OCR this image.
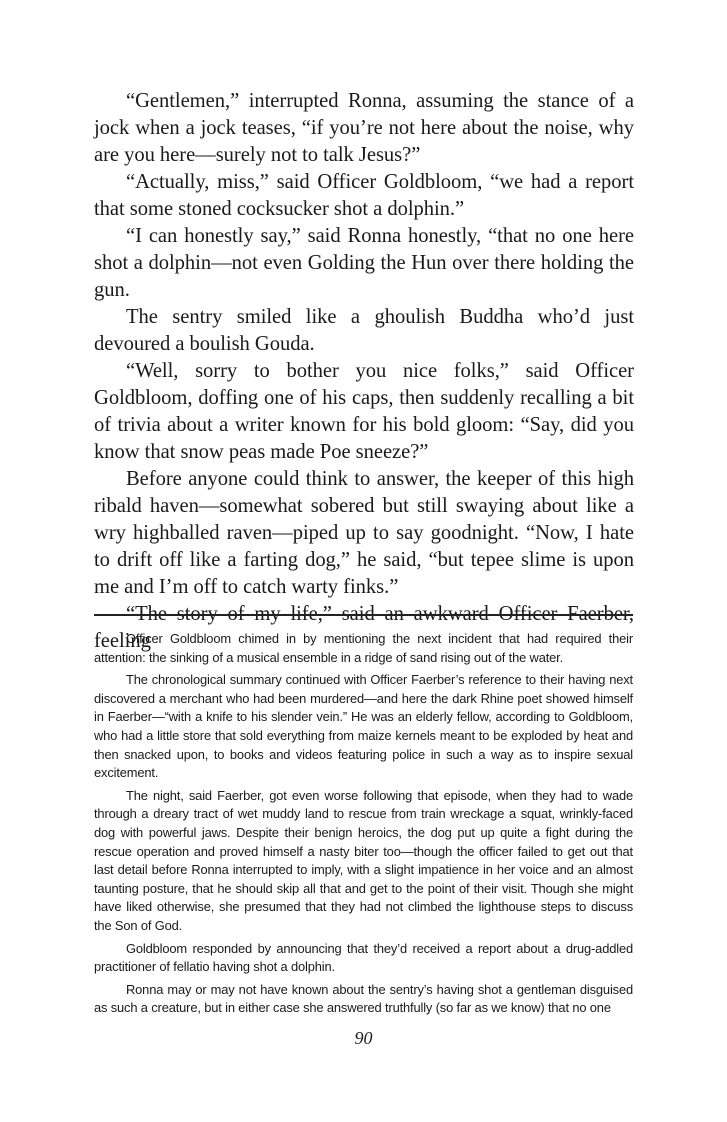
“Gentlemen,” interrupted Ronna, assuming the stance of a jock when a jock teases, “if you’re not here about the noise, why are you here—surely not to talk Jesus?”

“Actually, miss,” said Officer Goldbloom, “we had a report that some stoned cocksucker shot a dolphin.”

“I can honestly say,” said Ronna honestly, “that no one here shot a dolphin—not even Golding the Hun over there holding the gun.

The sentry smiled like a ghoulish Buddha who’d just devoured a boulish Gouda.

“Well, sorry to bother you nice folks,” said Officer Goldbloom, doffing one of his caps, then suddenly recalling a bit of trivia about a writer known for his bold gloom: “Say, did you know that snow peas made Poe sneeze?”

Before anyone could think to answer, the keeper of this high ribald haven—somewhat sobered but still swaying about like a wry highballed raven—piped up to say goodnight. “Now, I hate to drift off like a farting dog,” he said, “but tepee slime is upon me and I’m off to catch warty finks.”

“The story of my life,” said an awkward Officer Faerber, feeling

Officer Goldbloom chimed in by mentioning the next incident that had required their attention: the sinking of a musical ensemble in a ridge of sand rising out of the water.

The chronological summary continued with Officer Faerber’s reference to their having next discovered a merchant who had been murdered—and here the dark Rhine poet showed himself in Faerber—“with a knife to his slender vein.” He was an elderly fellow, according to Goldbloom, who had a little store that sold everything from maize kernels meant to be exploded by heat and then snacked upon, to books and videos featuring police in such a way as to inspire sexual excitement.

The night, said Faerber, got even worse following that episode, when they had to wade through a dreary tract of wet muddy land to rescue from train wreckage a squat, wrinkly-faced dog with powerful jaws. Despite their benign heroics, the dog put up quite a fight during the rescue operation and proved himself a nasty biter too—though the officer failed to get out that last detail before Ronna interrupted to imply, with a slight impatience in her voice and an almost taunting posture, that he should skip all that and get to the point of their visit. Though she might have liked otherwise, she presumed that they had not climbed the lighthouse steps to discuss the Son of God.

Goldbloom responded by announcing that they’d received a report about a drug-addled practitioner of fellatio having shot a dolphin.

Ronna may or may not have known about the sentry’s having shot a gentleman disguised as such a creature, but in either case she answered truthfully (so far as we know) that no one

90
